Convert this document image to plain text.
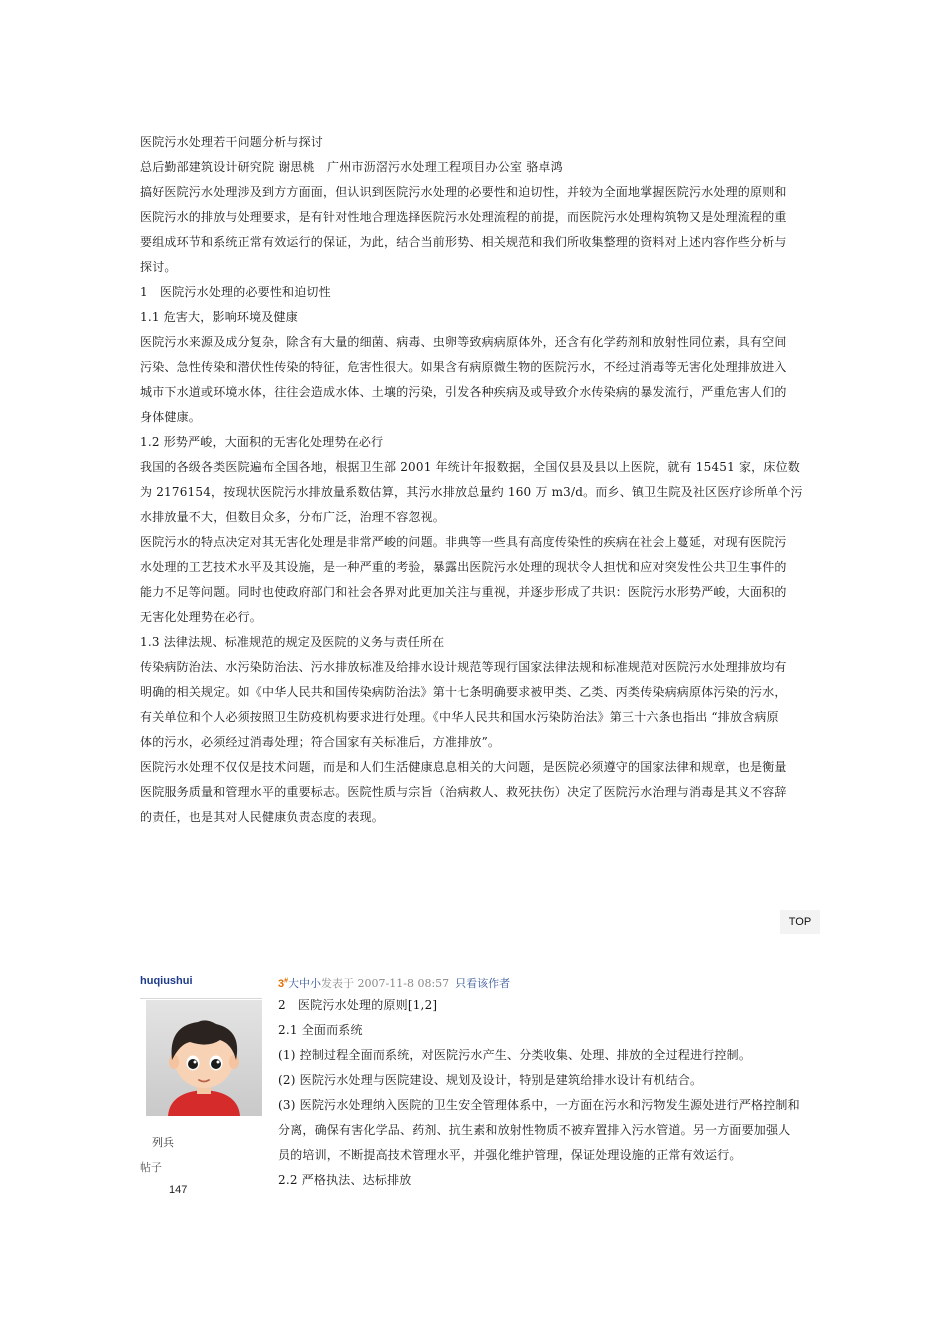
医院污水处理若干问题分析与探讨
总后勤部建筑设计研究院 谢思桃　广州市沥滘污水处理工程项目办公室 骆卓鸿
搞好医院污水处理涉及到方方面面，但认识到医院污水处理的必要性和迫切性，并较为全面地掌握医院污水处理的原则和
医院污水的排放与处理要求，是有针对性地合理选择医院污水处理流程的前提，而医院污水处理构筑物又是处理流程的重
要组成环节和系统正常有效运行的保证，为此，结合当前形势、相关规范和我们所收集整理的资料对上述内容作些分析与
探讨。
1　医院污水处理的必要性和迫切性
1.1 危害大，影响环境及健康
医院污水来源及成分复杂，除含有大量的细菌、病毒、虫卵等致病病原体外，还含有化学药剂和放射性同位素，具有空间
污染、急性传染和潜伏性传染的特征，危害性很大。如果含有病原微生物的医院污水，不经过消毒等无害化处理排放进入
城市下水道或环境水体，往往会造成水体、土壤的污染，引发各种疾病及或导致介水传染病的暴发流行，严重危害人们的
身体健康。
1.2 形势严峻，大面积的无害化处理势在必行
我国的各级各类医院遍布全国各地，根据卫生部 2001 年统计年报数据，全国仅县及县以上医院，就有 15451 家，床位数
为 2176154，按现状医院污水排放量系数估算，其污水排放总量约 160 万 m3/d。而乡、镇卫生院及社区医疗诊所单个污
水排放量不大，但数目众多，分布广泛，治理不容忽视。
医院污水的特点决定对其无害化处理是非常严峻的问题。非典等一些具有高度传染性的疾病在社会上蔓延，对现有医院污
水处理的工艺技术水平及其设施，是一种严重的考验，暴露出医院污水处理的现状令人担忧和应对突发性公共卫生事件的
能力不足等问题。同时也使政府部门和社会各界对此更加关注与重视，并逐步形成了共识：医院污水形势严峻，大面积的
无害化处理势在必行。
1.3 法律法规、标准规范的规定及医院的义务与责任所在
传染病防治法、水污染防治法、污水排放标准及给排水设计规范等现行国家法律法规和标准规范对医院污水处理排放均有
明确的相关规定。如《中华人民共和国传染病防治法》第十七条明确要求被甲类、乙类、丙类传染病病原体污染的污水，
有关单位和个人必须按照卫生防疫机构要求进行处理。《中华人民共和国水污染防治法》第三十六条也指出 “排放含病原
体的污水，必须经过消毒处理；符合国家有关标准后，方准排放”。
医院污水处理不仅仅是技术问题，而是和人们生活健康息息相关的大问题，是医院必须遵守的国家法律和规章，也是衡量
医院服务质量和管理水平的重要标志。医院性质与宗旨（治病救人、救死扶伤）决定了医院污水治理与消毒是其义不容辞
的责任，也是其对人民健康负责态度的表现。
TOP
huqiushui
列兵
帖子
147
3#大中小发表于 2007-11-8 08:57 只看该作者
2　医院污水处理的原则[1,2]
2.1 全面而系统
(1) 控制过程全面而系统，对医院污水产生、分类收集、处理、排放的全过程进行控制。
(2) 医院污水处理与医院建设、规划及设计，特别是建筑给排水设计有机结合。
(3) 医院污水处理纳入医院的卫生安全管理体系中，一方面在污水和污物发生源处进行严格控制和
分离，确保有害化学品、药剂、抗生素和放射性物质不被弃置排入污水管道。另一方面要加强人
员的培训，不断提高技术管理水平，并强化维护管理，保证处理设施的正常有效运行。
2.2 严格执法、达标排放
